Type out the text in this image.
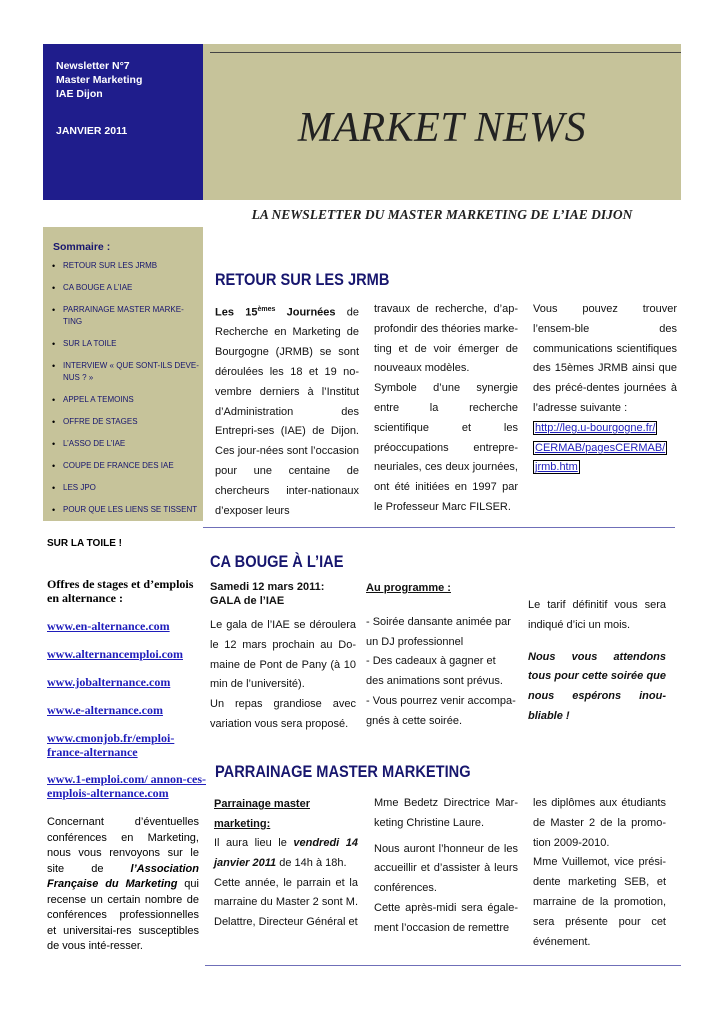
Newsletter N°7
Master Marketing
IAE Dijon
JANVIER 2011	MARKET NEWS
LA NEWSLETTER DU MASTER MARKETING DE L’IAE DIJON
Sommaire :
• RETOUR SUR LES JRMB
• CA BOUGE A L’IAE
• PARRAINAGE MASTER MARKE-TING
• SUR LA TOILE
• INTERVIEW « QUE SONT-ILS DEVE-NUS ? »
• APPEL A TEMOINS
• OFFRE DE STAGES
• L’ASSO DE L’IAE
• COUPE DE FRANCE DES IAE
• LES JPO
• POUR QUE LES LIENS SE TISSENT
SUR LA TOILE !
Offres de stages et d’emplois en alternance :
www.en-alternance.com
www.alternancemploi.com
www.jobalternance.com
www.e-alternance.com
www.cmonjob.fr/emploi-france-alternance
www.1-emploi.com/ annon-ces-emplois-alternance.com
Concernant d’éventuelles conférences en Marketing, nous vous renvoyons sur le site de l’Association Française du Marketing qui recense un certain nombre de conférences professionnelles et universitai-res susceptibles de vous inté-resser.
RETOUR SUR LES JRMB

Les 15èmes Journées de Recherche en Marketing de Bourgogne (JRMB) se sont déroulées les 18 et 19 no-vembre derniers à l’Institut d’Administration des Entrepri-ses (IAE) de Dijon. Ces jour-nées sont l’occasion pour une centaine de chercheurs inter-nationaux d’exposer leurs

travaux de recherche, d’ap-profondir des théories marke-ting et de voir émerger de nouveaux modèles.

Symbole d’une synergie entre la recherche scientifique et les préoccupations entrepre-neuriales, ces deux journées, ont été initiées en 1997 par le Professeur Marc FILSER.

Vous pouvez trouver l’ensem-ble des communications scientifiques des 15èmes JRMB ainsi que des précé-dentes journées à l’adresse suivante :

http://leg.u-bourgogne.fr/
CERMAB/pagesCERMAB/
jrmb.htm

CA BOUGE À L’IAE
Samedi 12 mars 2011: GALA de l’IAE

Le gala de l’IAE se déroulera le 12 mars prochain au Do-maine de Pont de Pany (à 10 min de l’université).

Un repas grandiose avec variation vous sera proposé.

Au programme :

- Soirée dansante animée par un DJ professionnel

- Des cadeaux à gagner et des animations sont prévus.

- Vous pourrez venir accompa-gnés à cette soirée.

Le tarif définitif vous sera indiqué d’ici un mois.

Nous vous attendons tous pour cette soirée que nous espérons inou-bliable !

PARRAINAGE MASTER MARKETING

Parrainage master marketing:

Il aura lieu le vendredi 14 janvier 2011 de 14h à 18h.

Cette année, le parrain et la marraine du Master 2 sont M. Delattre, Directeur Général et

Mme Bedetz Directrice Mar-keting Christine Laure.

Nous auront l’honneur de les accueillir et d’assister à leurs conférences.

Cette après-midi sera égale-ment l’occasion de remettre

les diplômes aux étudiants de Master 2 de la promo-tion 2009-2010.

Mme Vuillemot, vice prési-dente marketing SEB, et marraine de la promotion, sera présente pour cet événement.
